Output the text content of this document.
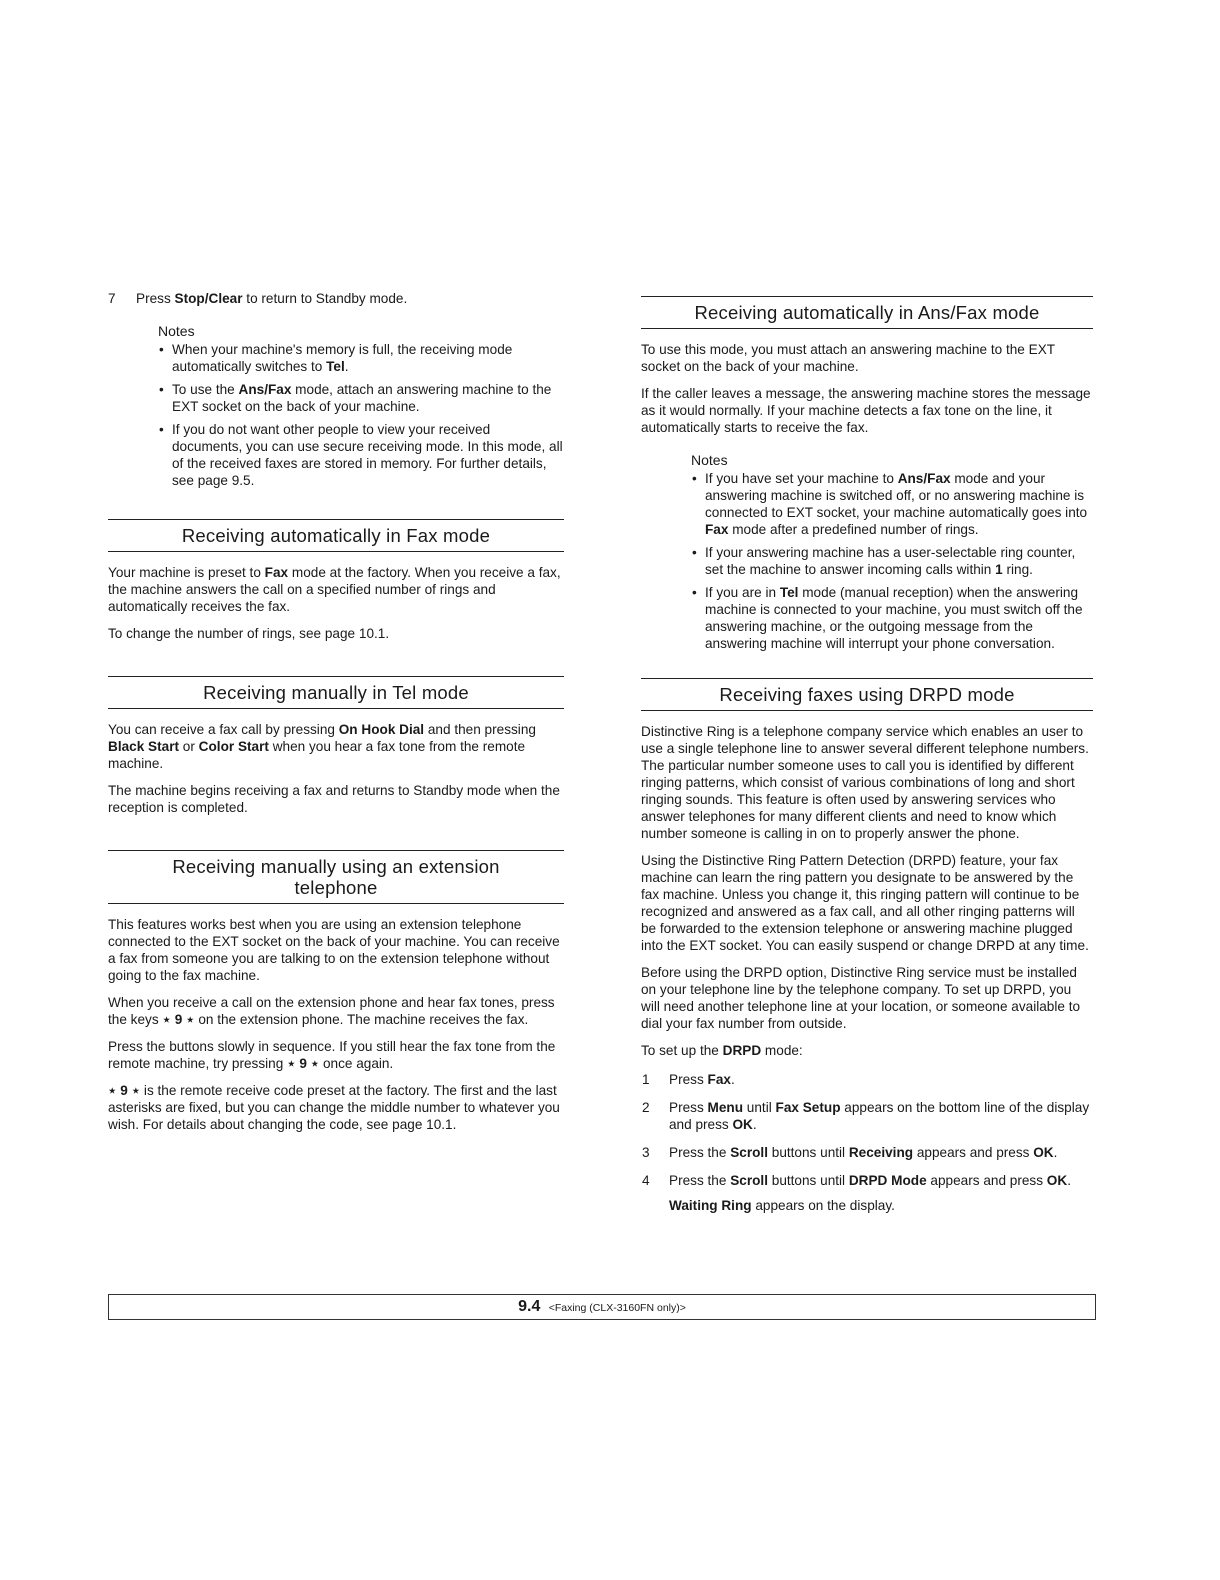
7 Press Stop/Clear to return to Standby mode.

Notes
• When your machine's memory is full, the receiving mode automatically switches to Tel.
• To use the Ans/Fax mode, attach an answering machine to the EXT socket on the back of your machine.
• If you do not want other people to view your received documents, you can use secure receiving mode. In this mode, all of the received faxes are stored in memory. For further details, see page 9.5.
Receiving automatically in Fax mode

Your machine is preset to Fax mode at the factory. When you receive a fax, the machine answers the call on a specified number of rings and automatically receives the fax.

To change the number of rings, see page 10.1.

Receiving manually in Tel mode

You can receive a fax call by pressing On Hook Dial and then pressing Black Start or Color Start when you hear a fax tone from the remote machine.

The machine begins receiving a fax and returns to Standby mode when the reception is completed.

Receiving manually using an extension
telephone

This features works best when you are using an extension telephone connected to the EXT socket on the back of your machine. You can receive a fax from someone you are talking to on the extension telephone without going to the fax machine.

When you receive a call on the extension phone and hear fax tones, press the keys ⋆ 9 ⋆ on the extension phone. The machine receives the fax.

Press the buttons slowly in sequence. If you still hear the fax tone from the remote machine, try pressing ⋆ 9 ⋆ once again.

⋆ 9 ⋆ is the remote receive code preset at the factory. The first and the last asterisks are fixed, but you can change the middle number to whatever you wish. For details about changing the code, see page 10.1.

Receiving automatically in Ans/Fax mode

To use this mode, you must attach an answering machine to the EXT socket on the back of your machine.

If the caller leaves a message, the answering machine stores the message as it would normally. If your machine detects a fax tone on the line, it automatically starts to receive the fax.

Notes
• If you have set your machine to Ans/Fax mode and your answering machine is switched off, or no answering machine is connected to EXT socket, your machine automatically goes into Fax mode after a predefined number of rings.
• If your answering machine has a user-selectable ring counter, set the machine to answer incoming calls within 1 ring.
• If you are in Tel mode (manual reception) when the answering machine is connected to your machine, you must switch off the answering machine, or the outgoing message from the answering machine will interrupt your phone conversation.
Receiving faxes using DRPD mode

Distinctive Ring is a telephone company service which enables an user to use a single telephone line to answer several different telephone numbers. The particular number someone uses to call you is identified by different ringing patterns, which consist of various combinations of long and short ringing sounds. This feature is often used by answering services who answer telephones for many different clients and need to know which number someone is calling in on to properly answer the phone.

Using the Distinctive Ring Pattern Detection (DRPD) feature, your fax machine can learn the ring pattern you designate to be answered by the fax machine. Unless you change it, this ringing pattern will continue to be recognized and answered as a fax call, and all other ringing patterns will be forwarded to the extension telephone or answering machine plugged into the EXT socket. You can easily suspend or change DRPD at any time.

Before using the DRPD option, Distinctive Ring service must be installed on your telephone line by the telephone company. To set up DRPD, you will need another telephone line at your location, or someone available to dial your fax number from outside.

To set up the DRPD mode:

1 Press Fax.
2 Press Menu until Fax Setup appears on the bottom line of the display and press OK.
3 Press the Scroll buttons until Receiving appears and press OK.
4 Press the Scroll buttons until DRPD Mode appears and press OK.

Waiting Ring appears on the display.

9.4 <Faxing (CLX-3160FN only)>
